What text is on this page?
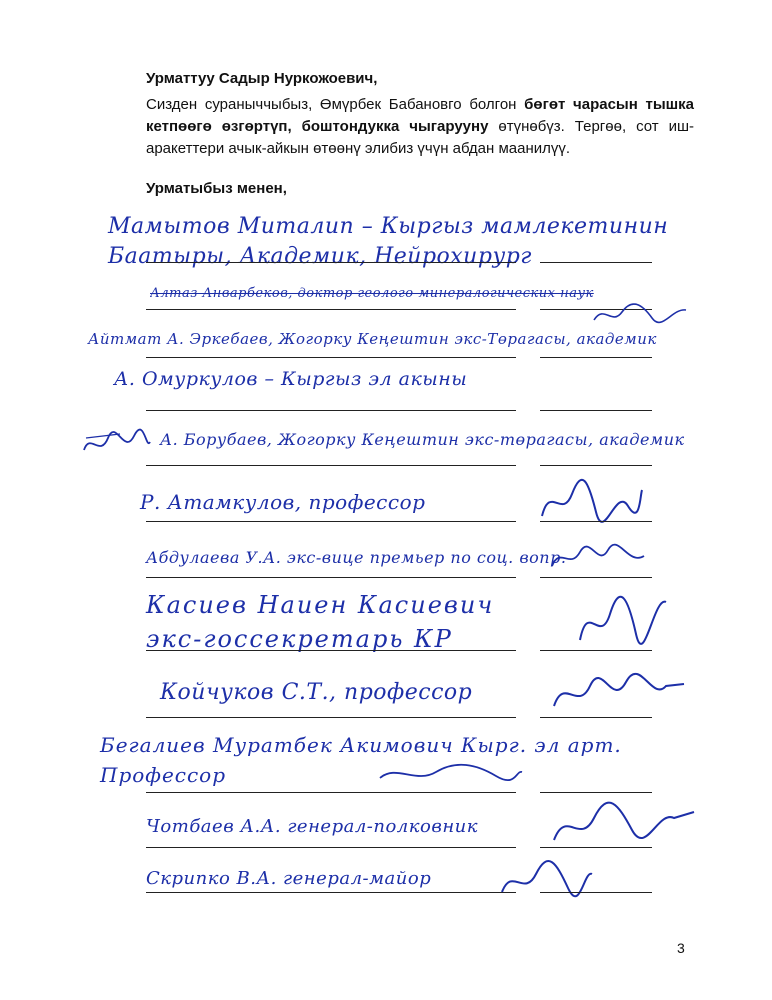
Урматтуу Садыр Нуркожоевич,
Сизден сураныччыбыз, Өмүрбек Бабановго болгон бөгөт чарасын тышка кетпөөгө өзгөртүп, боштондукка чыгарууну өтүнөбүз. Тергөө, сот иш-аракеттери ачык-айкын өтөөнү элибиз үчүн абдан маанилүү.
Урматыбыз менен,
Мамытов Миталип – Кыргыз мамлекетинин Баатыры, Академик, Нейрохирург
Алтаз Анварбеков, доктор геолого-минералогических наук
Айтмат А. Эркебаев, Жогорку Кеңештин экс-Төрагасы, академик
А. Омуркулов – Кыргыз эл акыны
А. Борубаев, Жогорку Кеңештин экс-төрагасы, академик
Р. Атамкулов, профессор
Абдулаева У.А. экс-вице премьер по соц. вопр.
Касиев Наиен Касиевич экс-госсекретарь КР
Койчуков С.Т., профессор
Бегалиев Муратбек Акимович Кырг. эл арт. Профессор
Чотбаев А.А. генерал-полковник
Скрипко В.А. генерал-майор
3
